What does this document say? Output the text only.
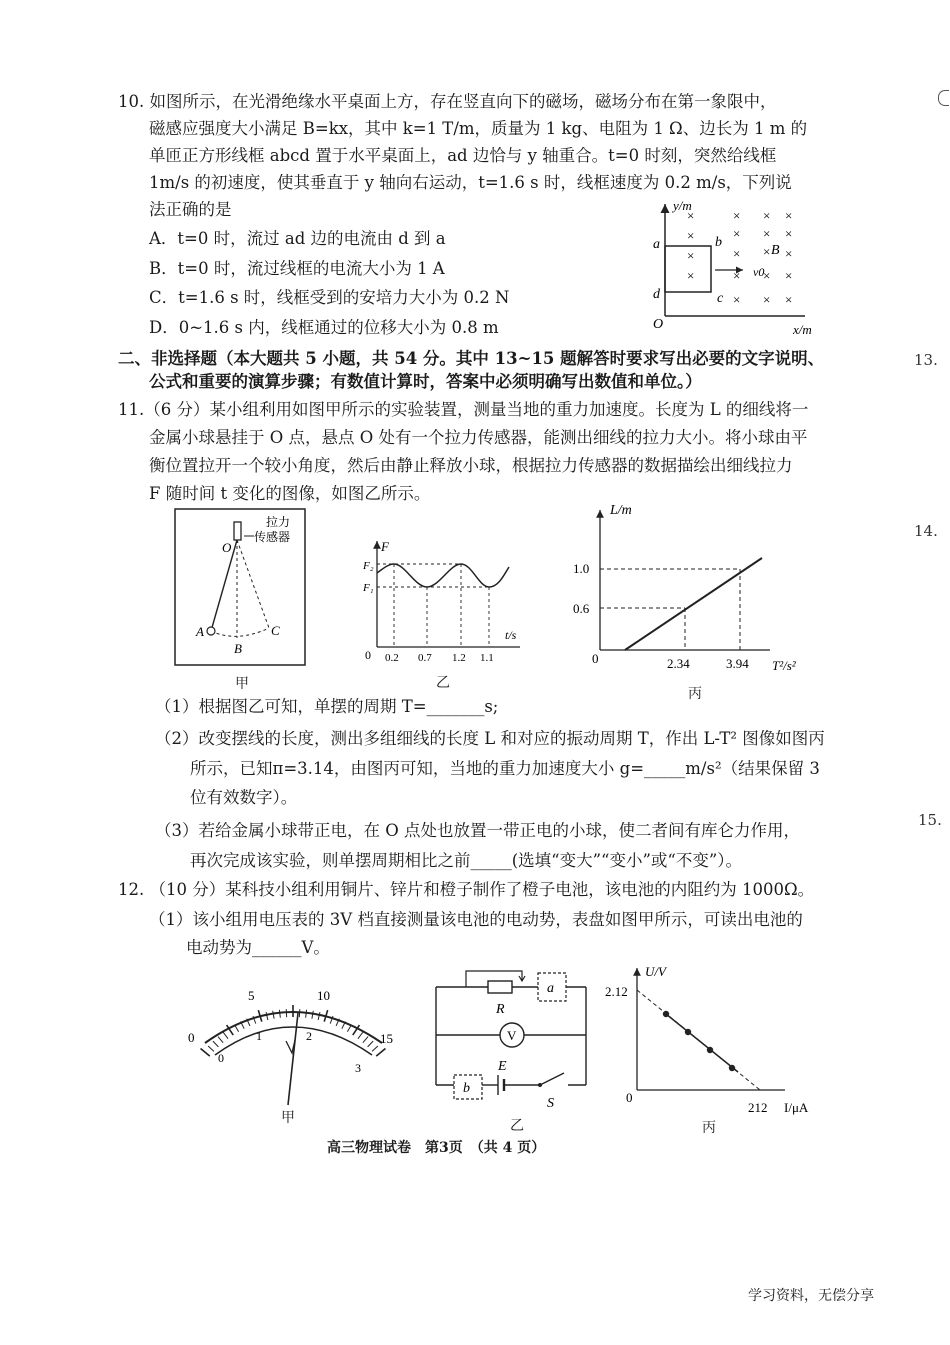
10. 如图所示，在光滑绝缘水平桌面上方，存在竖直向下的磁场，磁场分布在第一象限中，
磁感应强度大小满足 B=kx，其中 k=1 T/m，质量为 1 kg、电阻为 1 Ω、边长为 1 m 的
单匝正方形线框 abcd 置于水平桌面上，ad 边恰与 y 轴重合。t=0 时刻，突然给线框
1m/s 的初速度，使其垂直于 y 轴向右运动，t=1.6 s 时，线框速度为 0.2 m/s，下列说
法正确的是
A．t=0 时，流过 ad 边的电流由 d 到 a
B．t=0 时，流过线框的电流大小为 1 A
C．t=1.6 s 时，线框受到的安培力大小为 0.2 N
D．0~1.6 s 内，线框通过的位移大小为 0.8 m
y/m
x/m
O
a	b
c
d
B
v0
×	× × ×
×	× × ×
×	× × ×
×	× × ×
× × ×
二、非选择题（本大题共 5 小题，共 54 分。其中 13~15 题解答时要求写出必要的文字说明、
公式和重要的演算步骤；有数值计算时，答案中必须明确写出数值和单位。）
11.（6 分）某小组利用如图甲所示的实验装置，测量当地的重力加速度。长度为 L 的细线将一
金属小球悬挂于 O 点，悬点 O 处有一个拉力传感器，能测出细线的拉力大小。将小球由平
衡位置拉开一个较小角度，然后由静止释放小球，根据拉力传感器的数据描绘出细线拉力
F 随时间 t 变化的图像，如图乙所示。
拉力
传感器
O
A
B
C
甲
F
t/s
F₂
F₁
0 0.2 0.7 1.2 1.1
乙
L/m
T²/s²
0
1.0
0.6
2.34	3.94
丙
（1）根据图乙可知，单摆的周期 T=_______s;
（2）改变摆线的长度，测出多组细线的长度 L 和对应的振动周期 T，作出 L-T² 图像如图丙
所示，已知π=3.14，由图丙可知，当地的重力加速度大小 g=_____m/s²（结果保留 3
位有效数字）。
（3）若给金属小球带正电，在 O 点处也放置一带正电的小球，使二者间有库仑力作用，
再次完成该实验，则单摆周期相比之前_____(选填“变大”“变小”或“不变”）。
12. （10 分）某科技小组利用铜片、锌片和橙子制作了橙子电池，该电池的内阻约为 1000Ω。
（1）该小组用电压表的 3V 档直接测量该电池的电动势，表盘如图甲所示，可读出电池的
电动势为______V。
0
5	10
15
0
1	2
3
甲
R
a
V
b
E
S
乙
U/V
I/μA
2.12
212
0
丙
高三物理试卷　第3页　（共 4 页）
13.
14.
15.
学习资料，无偿分享
